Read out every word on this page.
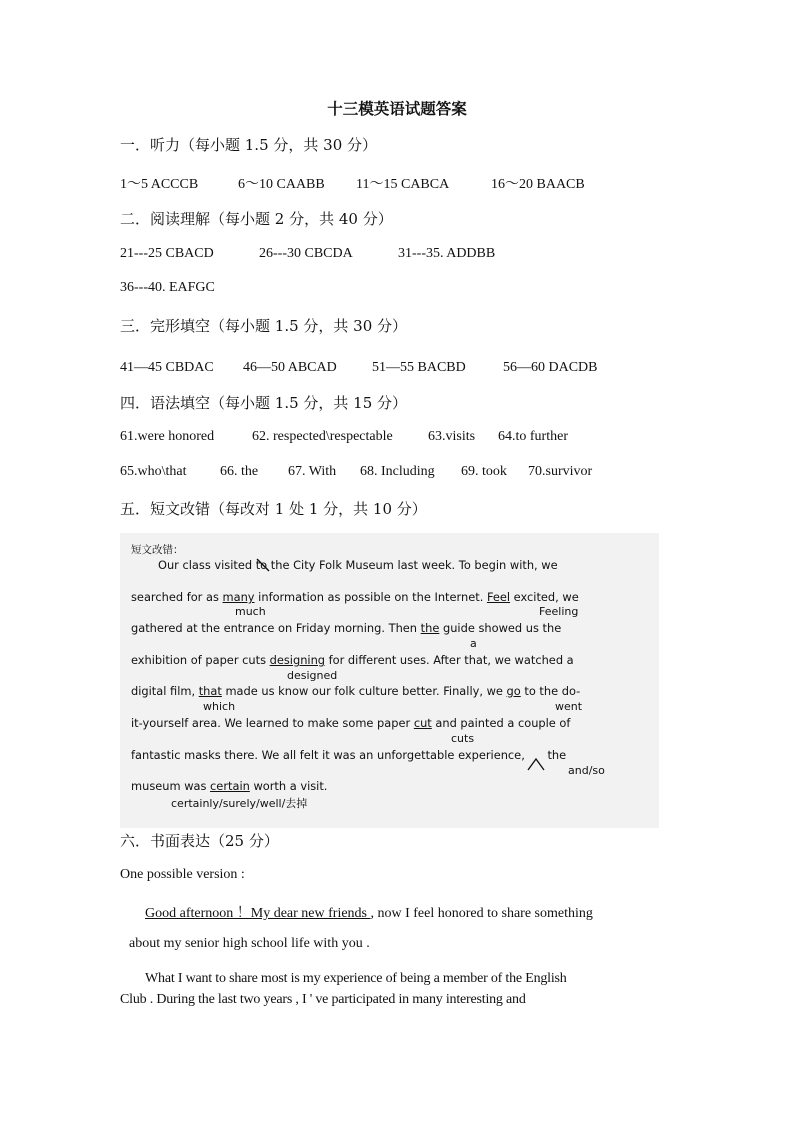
十三模英语试题答案
一．听力（每小题 1.5 分，共 30 分）
1～5 ACCCB	6～10 CAABB 11～15 CABCA	16～20 BAACB
二．阅读理解（每小题 2 分，共 40 分）
21---25 CBACD	26---30 CBCDA	31---35. ADDBB
36---40. EAFGC
三．完形填空（每小题 1.5 分，共 30 分）
41—45 CBDAC 46—50 ABCAD	51—55 BACBD	56—60 DACDB
四．语法填空（每小题 1.5 分，共 15 分）
61.were honored	62. respected\respectable	63.visits 64.to further
65.who\that 66. the 67. With 68. Including 69. took 70.survivor
五．短文改错（每改对 1 处 1 分，共 10 分）
短文改错：
Our class visited to
the City Folk Museum last week. To begin with, we
searched for as many information as possible on the Internet. Feel excited, we
much	Feeling
gathered at the entrance on Friday morning. Then the guide showed us the
a
exhibition of paper cuts designing for different uses. After that, we watched a
designed
digital film, that made us know our folk culture better. Finally, we go to the do-
which	went
it-yourself area. We learned to make some paper cut and painted a couple of
cuts
fantastic masks there. We all felt it was an unforgettable experience,
the
and/so
museum was certain worth a visit.
certainly/surely/well/去掉
六．书面表达（25 分）
One possible version :
Good afternoon ！My dear new friends , now I feel honored to share something
about my senior high school life with you .
What I want to share most is my experience of being a member of the English
Club . During the last two years , I ' ve participated in many interesting and
